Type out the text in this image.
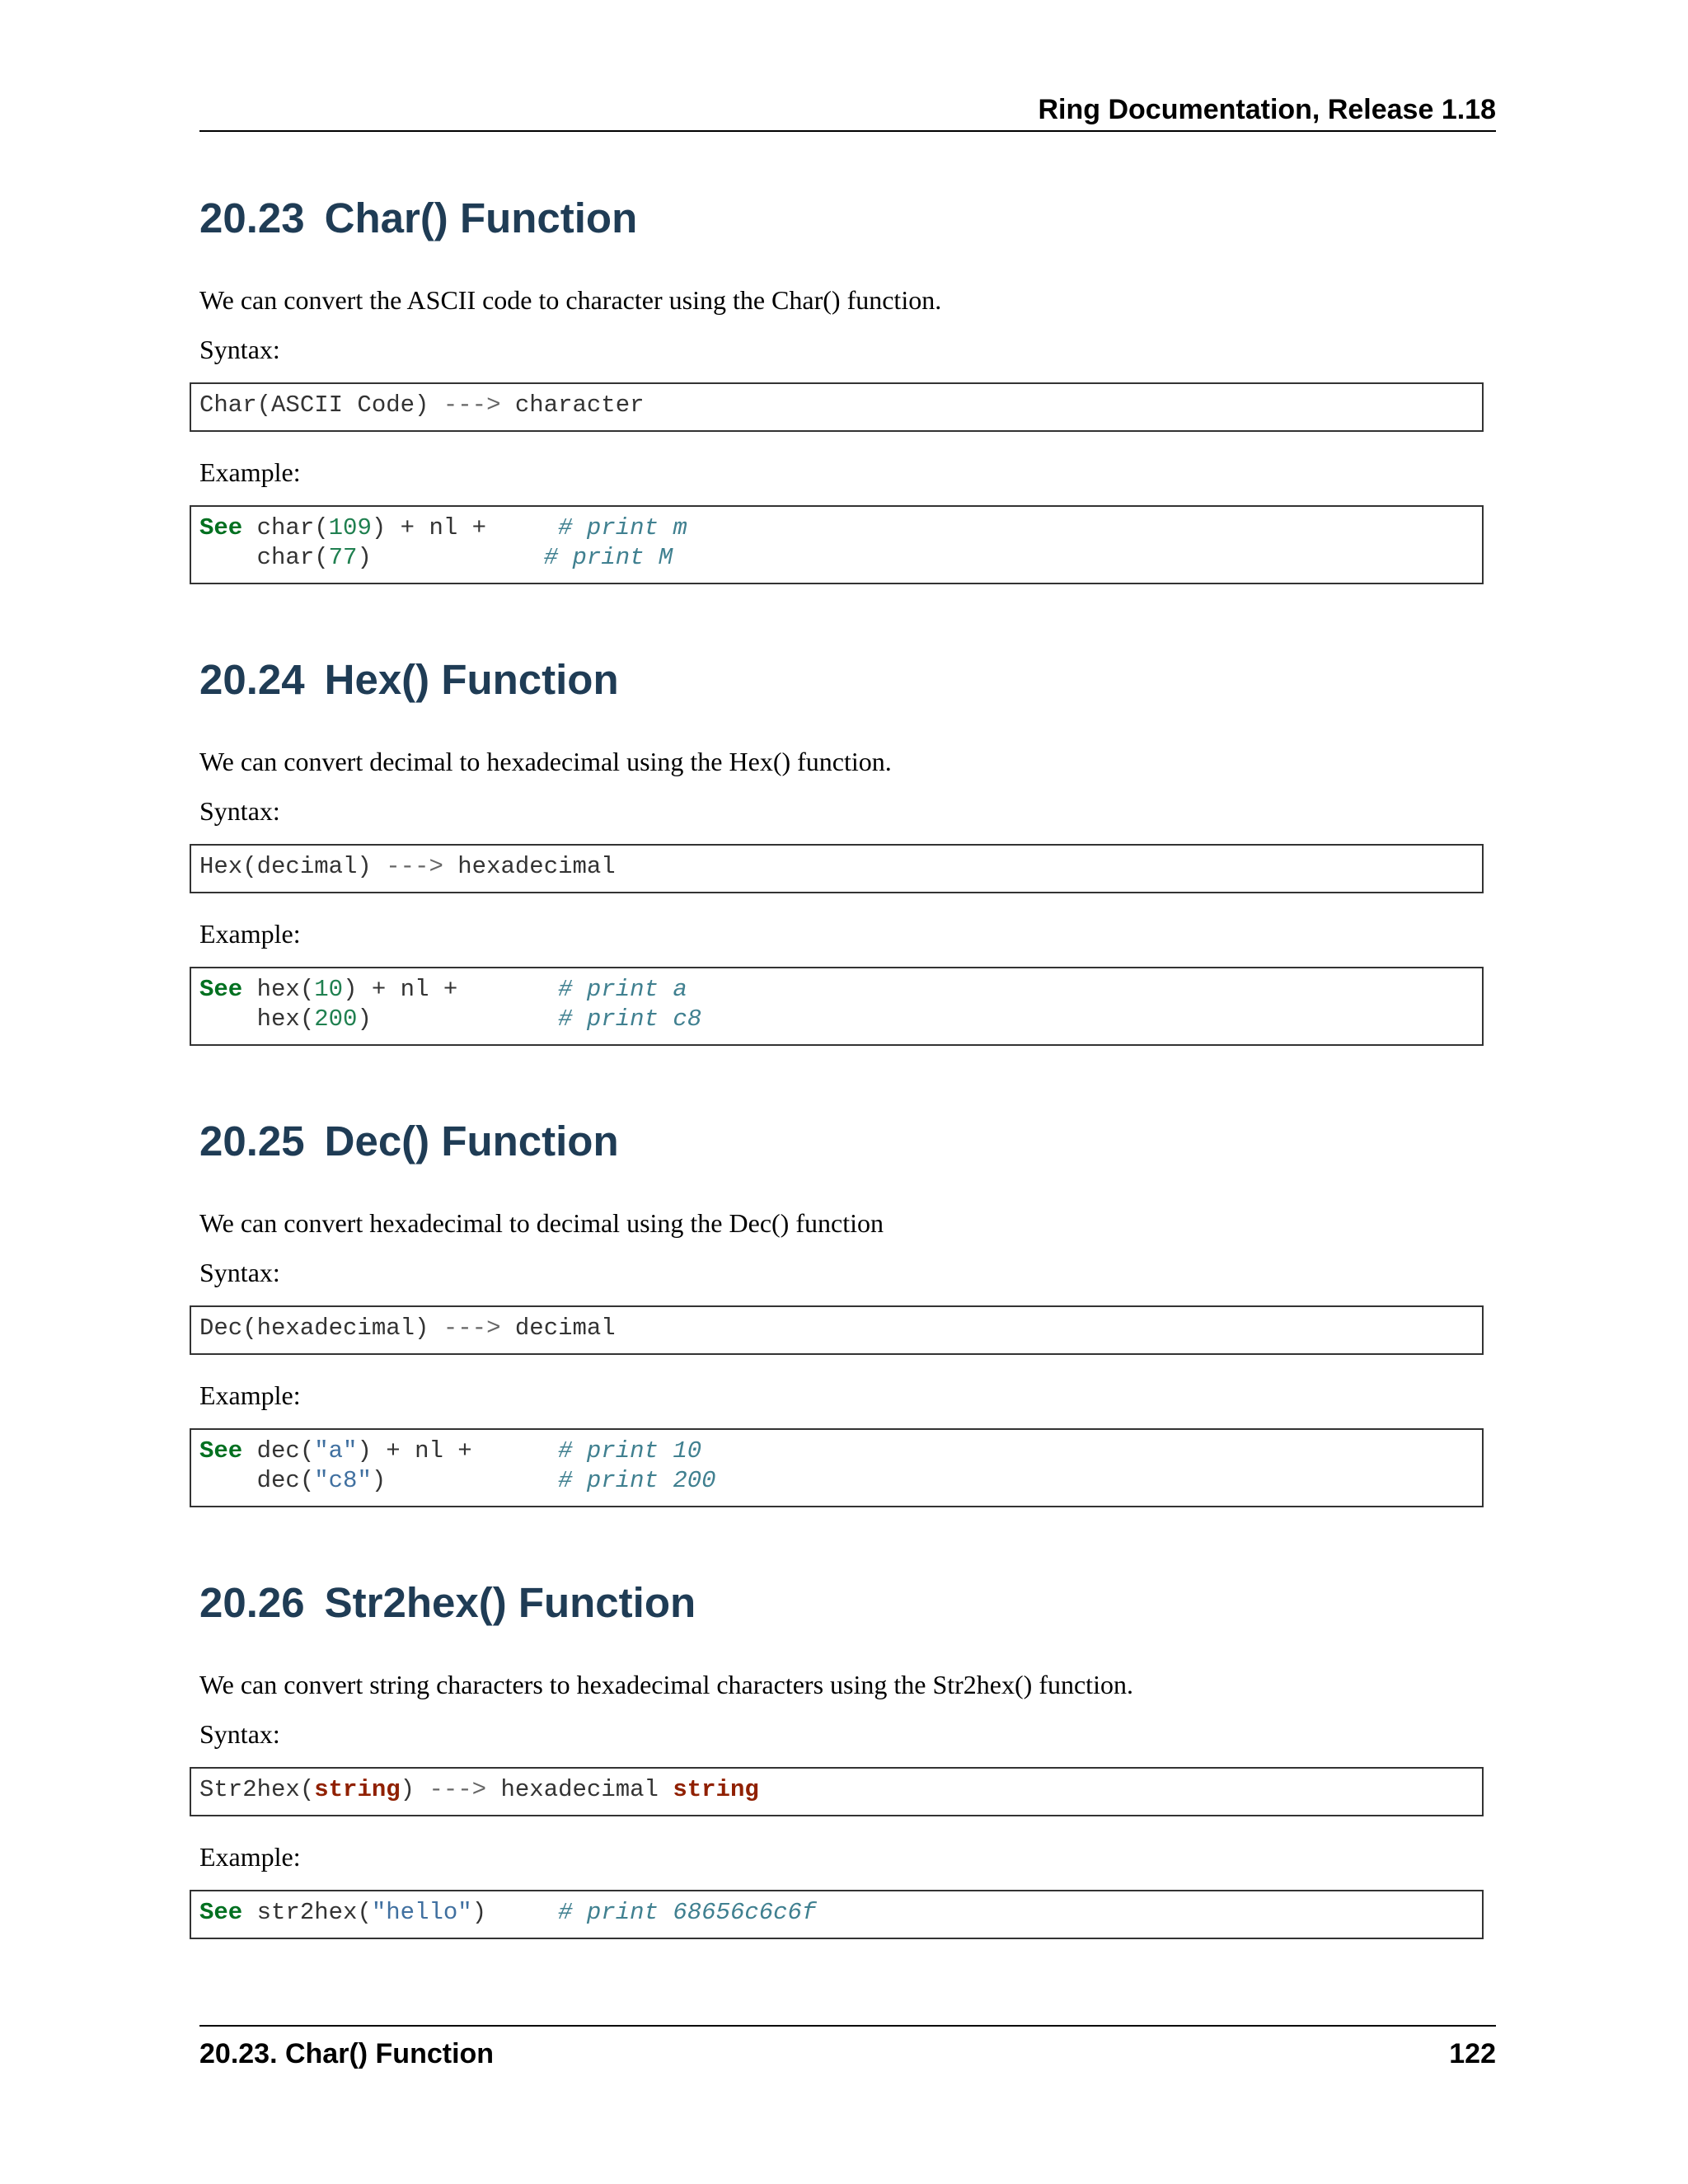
Ring Documentation, Release 1.18
20.23 Char() Function

We can convert the ASCII code to character using the Char() function.

Syntax:

Char(ASCII Code) ---> character

Example:

See char(109) + nl +	# print m
char(77)	# print M
20.24 Hex() Function

We can convert decimal to hexadecimal using the Hex() function.

Syntax:

Hex(decimal) ---> hexadecimal

Example:

See hex(10) + nl +	# print a
hex(200)	# print c8
20.25 Dec() Function

We can convert hexadecimal to decimal using the Dec() function

Syntax:

Dec(hexadecimal) ---> decimal

Example:

See dec("a") + nl +	# print 10
dec("c8")	# print 200
20.26 Str2hex() Function

We can convert string characters to hexadecimal characters using the Str2hex() function.

Syntax:

Str2hex(string) ---> hexadecimal string

Example:

See str2hex("hello")	# print 68656c6c6f
20.23. Char() Function	122
